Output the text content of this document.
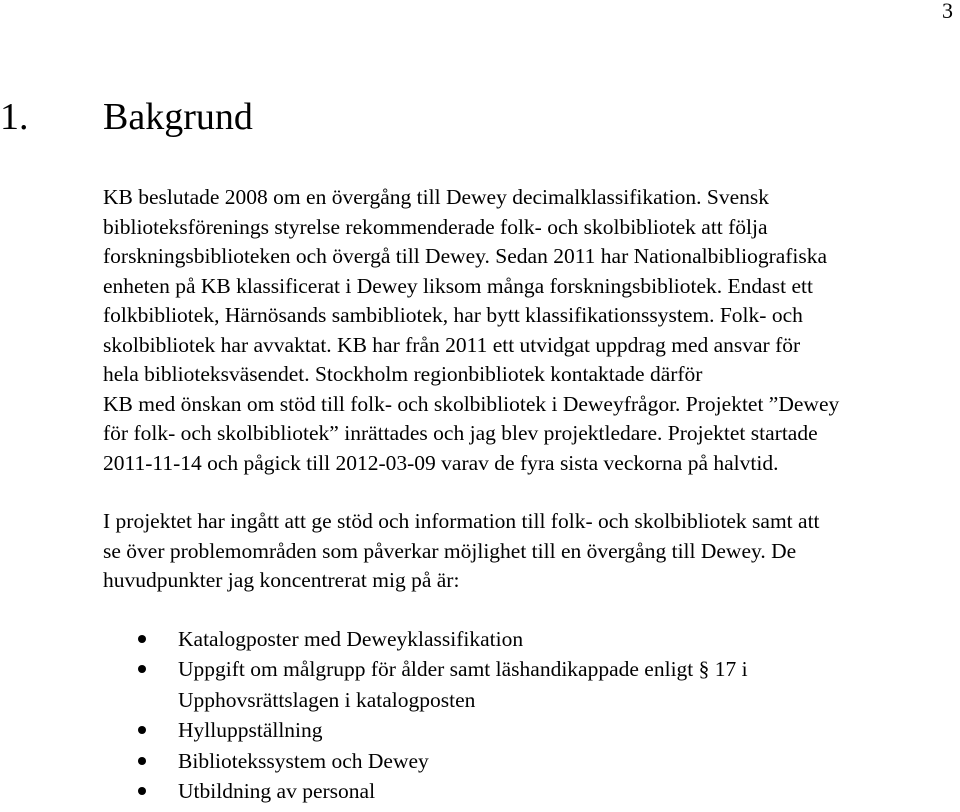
3
1. Bakgrund

KB beslutade 2008 om en övergång till Dewey decimalklassifikation. Svensk
biblioteksförenings styrelse rekommenderade folk- och skolbibliotek att följa
forskningsbiblioteken och övergå till Dewey. Sedan 2011 har Nationalbibliografiska
enheten på KB klassificerat i Dewey liksom många forskningsbibliotek. Endast ett
folkbibliotek, Härnösands sambibliotek, har bytt klassifikationssystem. Folk- och
skolbibliotek har avvaktat. KB har från 2011 ett utvidgat uppdrag med ansvar för
hela biblioteksväsendet. Stockholm regionbibliotek kontaktade därför
KB med önskan om stöd till folk- och skolbibliotek i Deweyfrågor. Projektet ”Dewey
för folk- och skolbibliotek” inrättades och jag blev projektledare. Projektet startade
2011-11-14 och pågick till 2012-03-09 varav de fyra sista veckorna på halvtid.

I projektet har ingått att ge stöd och information till folk- och skolbibliotek samt att
se över problemområden som påverkar möjlighet till en övergång till Dewey. De
huvudpunkter jag koncentrerat mig på är:

Katalogposter med Deweyklassifikation
Uppgift om målgrupp för ålder samt läshandikappade enligt § 17 i
Upphovsrättslagen i katalogposten
Hylluppställning
Bibliotekssystem och Dewey
Utbildning av personal
